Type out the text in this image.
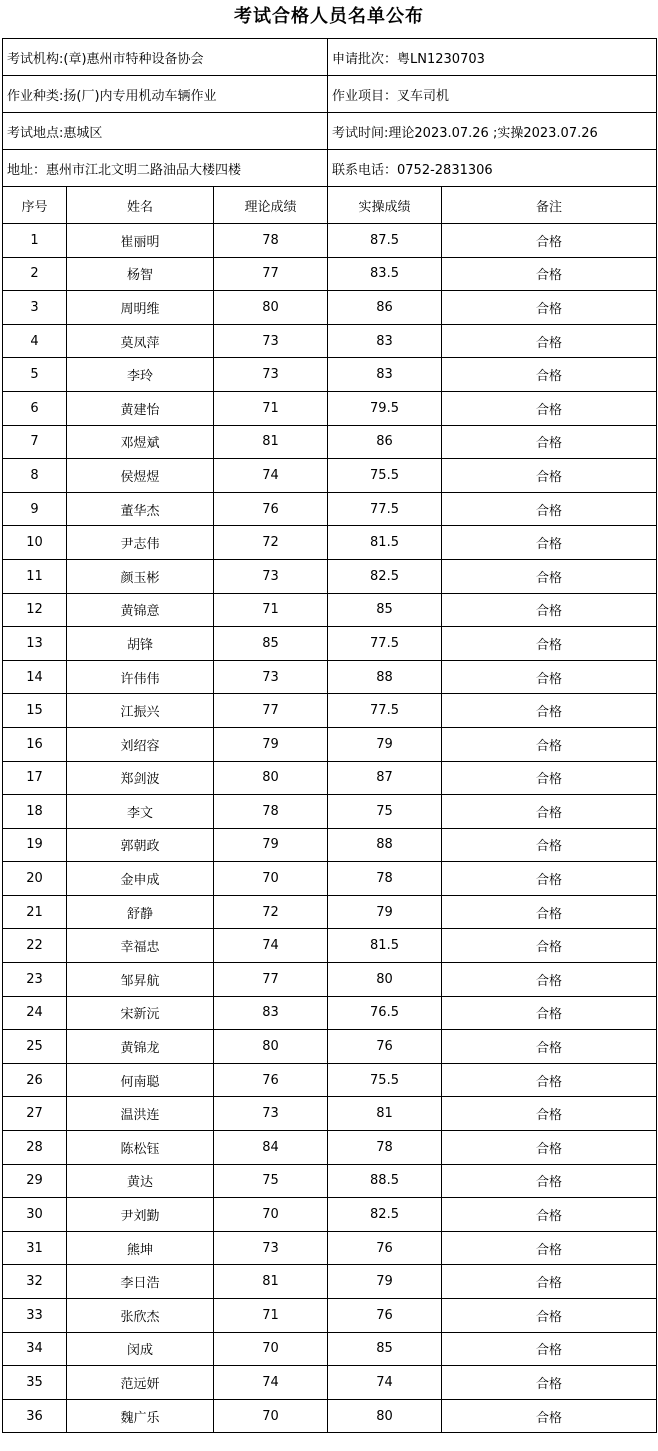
考试合格人员名单公布
考试机构:(章)惠州市特种设备协会			申请批次：粤LN1230703	
作业种类:扬(厂)内专用机动车辆作业			作业项目：叉车司机	
考试地点:惠城区			考试时间:理论2023.07.26 ;实操2023.07.26	
地址：惠州市江北文明二路油品大楼四楼			联系电话：0752-2831306	
序号	姓名	理论成绩	实操成绩	备注
1	崔丽明	78	87.5	合格
2	杨智	77	83.5	合格
3	周明维	80	86	合格
4	莫凤萍	73	83	合格
5	李玲	73	83	合格
6	黄建怡	71	79.5	合格
7	邓煜斌	81	86	合格
8	侯煜煜	74	75.5	合格
9	董华杰	76	77.5	合格
10	尹志伟	72	81.5	合格
11	颜玉彬	73	82.5	合格
12	黄锦意	71	85	合格
13	胡锋	85	77.5	合格
14	许伟伟	73	88	合格
15	江振兴	77	77.5	合格
16	刘绍容	79	79	合格
17	郑剑波	80	87	合格
18	李文	78	75	合格
19	郭朝政	79	88	合格
20	金申成	70	78	合格
21	舒静	72	79	合格
22	幸福忠	74	81.5	合格
23	邹昇航	77	80	合格
24	宋新沅	83	76.5	合格
25	黄锦龙	80	76	合格
26	何南聪	76	75.5	合格
27	温洪连	73	81	合格
28	陈松钰	84	78	合格
29	黄达	75	88.5	合格
30	尹刘勤	70	82.5	合格
31	熊坤	73	76	合格
32	李日浩	81	79	合格
33	张欣杰	71	76	合格
34	闵成	70	85	合格
35	范远妍	74	74	合格
36	魏广乐	70	80	合格
